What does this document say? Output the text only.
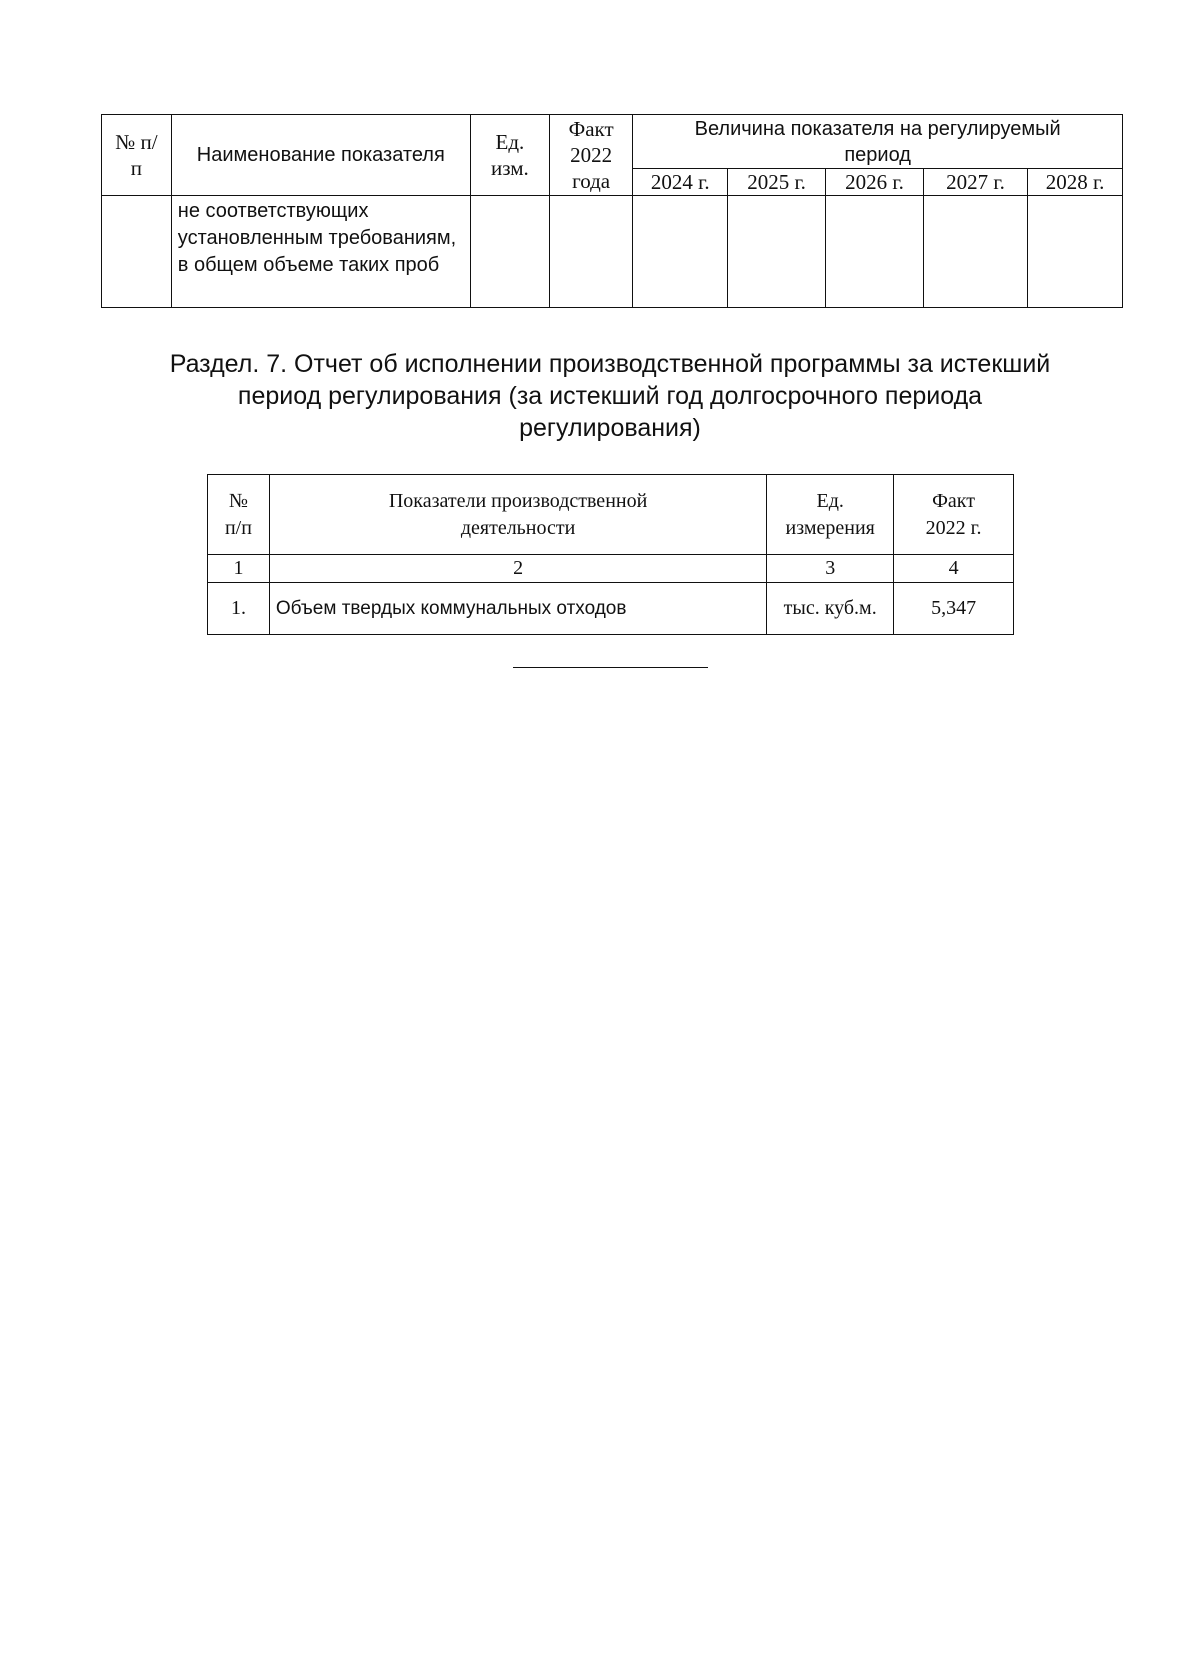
№ п/п	Наименование показателя	Ед. изм.	Факт 2022 года	Величина показателя на регулируемый период				
				2024 г.	2025 г.	2026 г.	2027 г.	2028 г.
	не соответствующих установленным требованиям, в общем объеме таких проб							
Раздел. 7. Отчет об исполнении производственной программы за истекший период регулирования (за истекший год долгосрочного периода регулирования)
№ п/п	Показатели производственной деятельности	Ед. измерения	Факт 2022 г.
1	2	3	4
1.	Объем твердых коммунальных отходов	тыс. куб.м.	5,347
